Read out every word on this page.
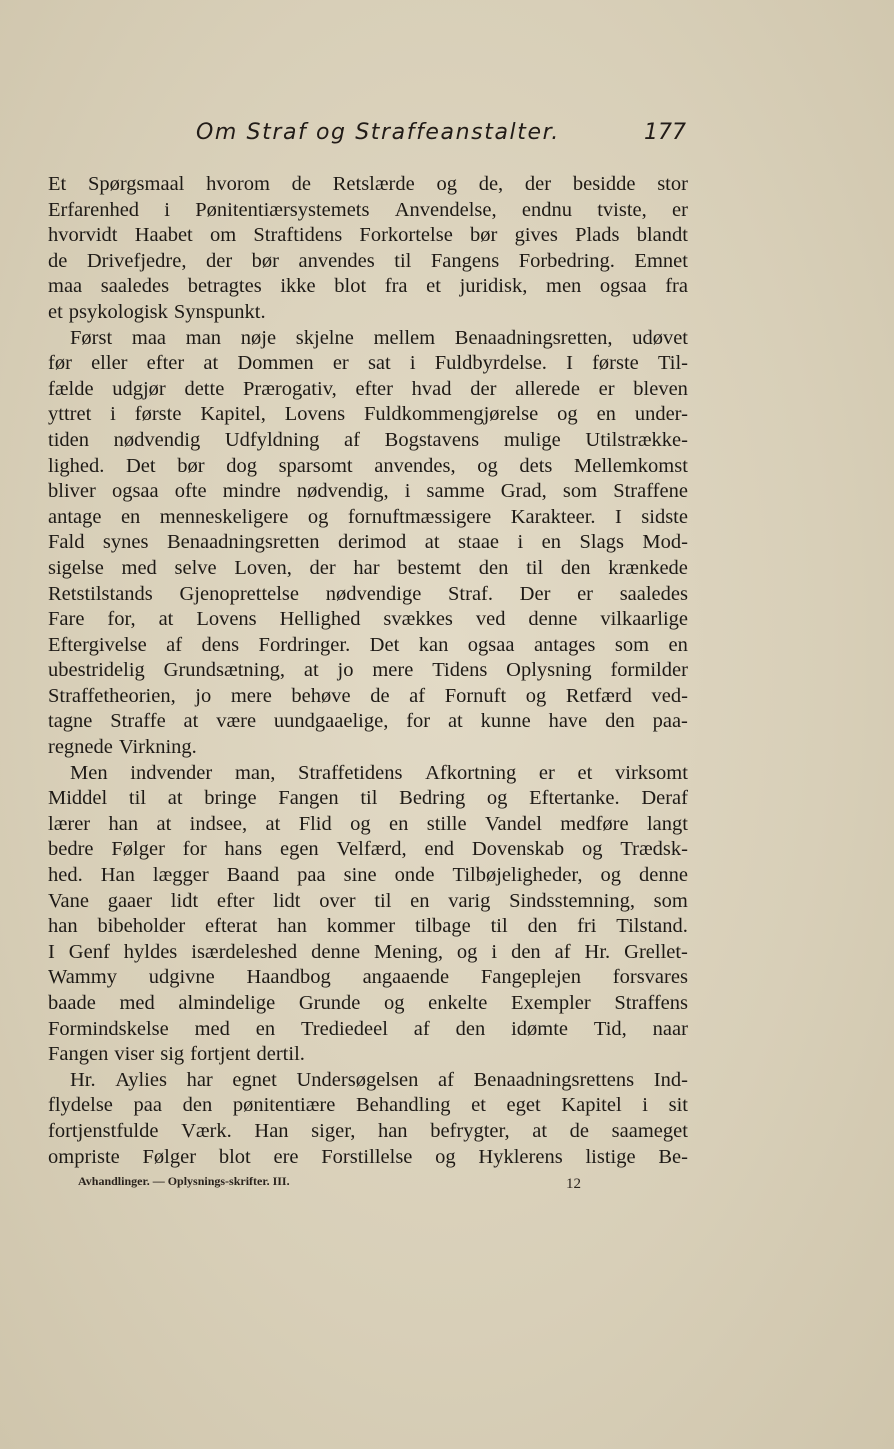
Om Straf og Straffeanstalter.	177
Et Spørgsmaal hvorom de Retslærde og de, der besidde stor
Erfarenhed i Pønitentiærsystemets Anvendelse, endnu tviste, er
hvorvidt Haabet om Straftidens Forkortelse bør gives Plads blandt
de Drivefjedre, der bør anvendes til Fangens Forbedring. Emnet
maa saaledes betragtes ikke blot fra et juridisk, men ogsaa fra
et psykologisk Synspunkt.
Først maa man nøje skjelne mellem Benaadningsretten, udøvet
før eller efter at Dommen er sat i Fuldbyrdelse. I første Til-
fælde udgjør dette Prærogativ, efter hvad der allerede er bleven
yttret i første Kapitel, Lovens Fuldkommengjørelse og en under-
tiden nødvendig Udfyldning af Bogstavens mulige Utilstrække-
lighed. Det bør dog sparsomt anvendes, og dets Mellemkomst
bliver ogsaa ofte mindre nødvendig, i samme Grad, som Straffene
antage en menneskeligere og fornuftmæssigere Karakteer. I sidste
Fald synes Benaadningsretten derimod at staae i en Slags Mod-
sigelse med selve Loven, der har bestemt den til den krænkede
Retstilstands Gjenoprettelse nødvendige Straf. Der er saaledes
Fare for, at Lovens Hellighed svækkes ved denne vilkaarlige
Eftergivelse af dens Fordringer. Det kan ogsaa antages som en
ubestridelig Grundsætning, at jo mere Tidens Oplysning formilder
Straffetheorien, jo mere behøve de af Fornuft og Retfærd ved-
tagne Straffe at være uundgaaelige, for at kunne have den paa-
regnede Virkning.
Men indvender man, Straffetidens Afkortning er et virksomt
Middel til at bringe Fangen til Bedring og Eftertanke. Deraf
lærer han at indsee, at Flid og en stille Vandel medføre langt
bedre Følger for hans egen Velfærd, end Dovenskab og Trædsk-
hed. Han lægger Baand paa sine onde Tilbøjeligheder, og denne
Vane gaaer lidt efter lidt over til en varig Sindsstemning, som
han bibeholder efterat han kommer tilbage til den fri Tilstand.
I Genf hyldes isærdeleshed denne Mening, og i den af Hr. Grellet-
Wammy udgivne Haandbog angaaende Fangeplejen forsvares
baade med almindelige Grunde og enkelte Exempler Straffens
Formindskelse med en Trediedeel af den idømte Tid, naar
Fangen viser sig fortjent dertil.
Hr. Aylies har egnet Undersøgelsen af Benaadningsrettens Ind-
flydelse paa den pønitentiære Behandling et eget Kapitel i sit
fortjenstfulde Værk. Han siger, han befrygter, at de saameget
ompriste Følger blot ere Forstillelse og Hyklerens listige Be-
Avhandlinger. — Oplysnings-skrifter. III.	12
